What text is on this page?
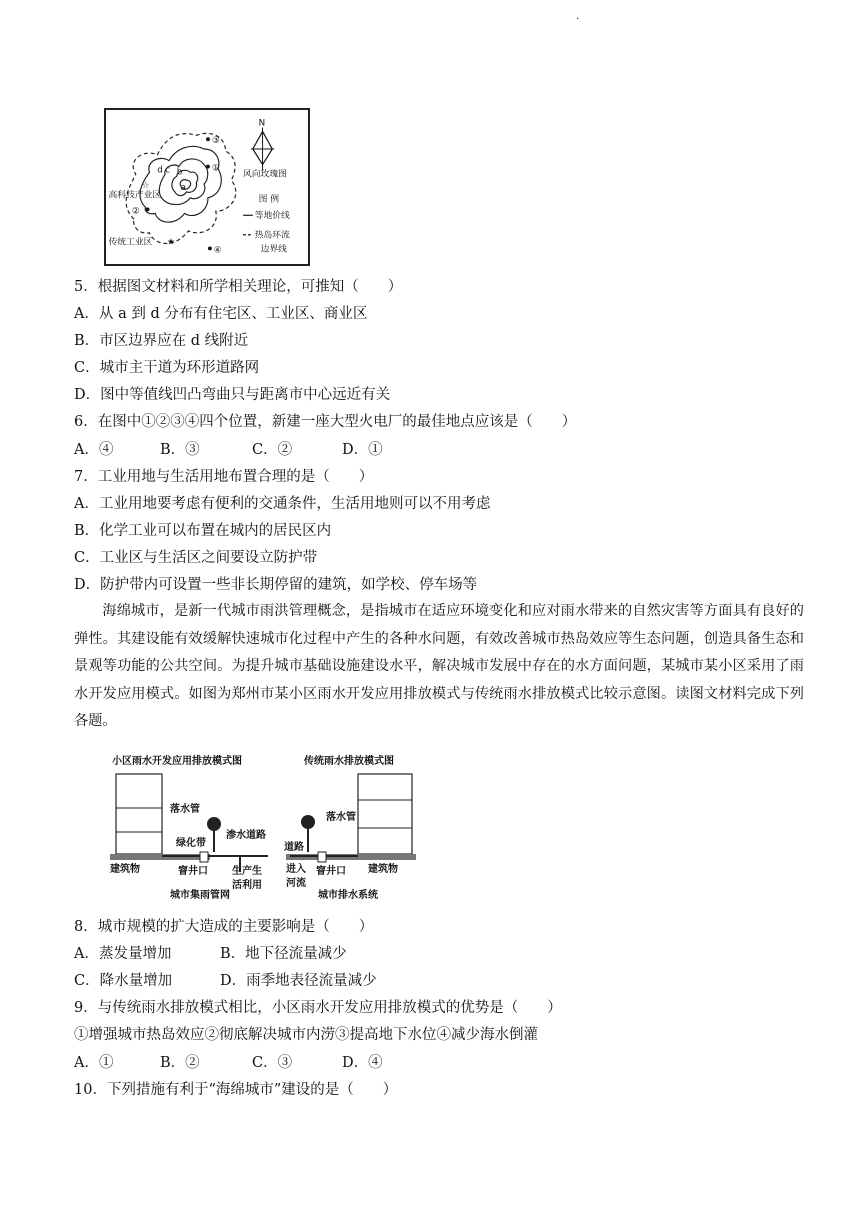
·
a
b
c
d
③
①
②
④
☆
高科技产业区
★
传统工业区
N
风向玫瑰图
图 例
等地价线
热岛环流
边界线
5．根据图文材料和所学相关理论，可推知（　　）
A．从 a 到 d 分布有住宅区、工业区、商业区
B．市区边界应在 d 线附近
C．城市主干道为环形道路网
D．图中等值线凹凸弯曲只与距离市中心远近有关
6．在图中①②③④四个位置，新建一座大型火电厂的最佳地点应该是（　　）
A．④	B．③	C．②	D．①
7．工业用地与生活用地布置合理的是（　　）
A．工业用地要考虑有便利的交通条件，生活用地则可以不用考虑
B．化学工业可以布置在城内的居民区内
C．工业区与生活区之间要设立防护带
D．防护带内可设置一些非长期停留的建筑，如学校、停车场等
海绵城市，是新一代城市雨洪管理概念，是指城市在适应环境变化和应对雨水带来的自然灾害等方面具有良好的弹性。其建设能有效缓解快速城市化过程中产生的各种水问题，有效改善城市热岛效应等生态问题，创造具备生态和景观等功能的公共空间。为提升城市基础设施建设水平，解决城市发展中存在的水方面问题，某城市某小区采用了雨水开发应用模式。如图为郑州市某小区雨水开发应用排放模式与传统雨水排放模式比较示意图。读图文材料完成下列各题。
小区雨水开发应用排放模式图	传统雨水排放模式图
落水管
绿化带
渗水道路
建筑物	窨井口 生产生
活利用
城市集雨管网
落水管
道路
进入
河流
窨井口 建筑物
城市排水系统
8．城市规模的扩大造成的主要影响是（　　）
A．蒸发量增加	B．地下径流量减少
C．降水量增加	D．雨季地表径流量减少
9．与传统雨水排放模式相比，小区雨水开发应用排放模式的优势是（　　）
①增强城市热岛效应②彻底解决城市内涝③提高地下水位④减少海水倒灌
A．①	B．②	C．③	D．④
10．下列措施有利于“海绵城市”建设的是（　　）
